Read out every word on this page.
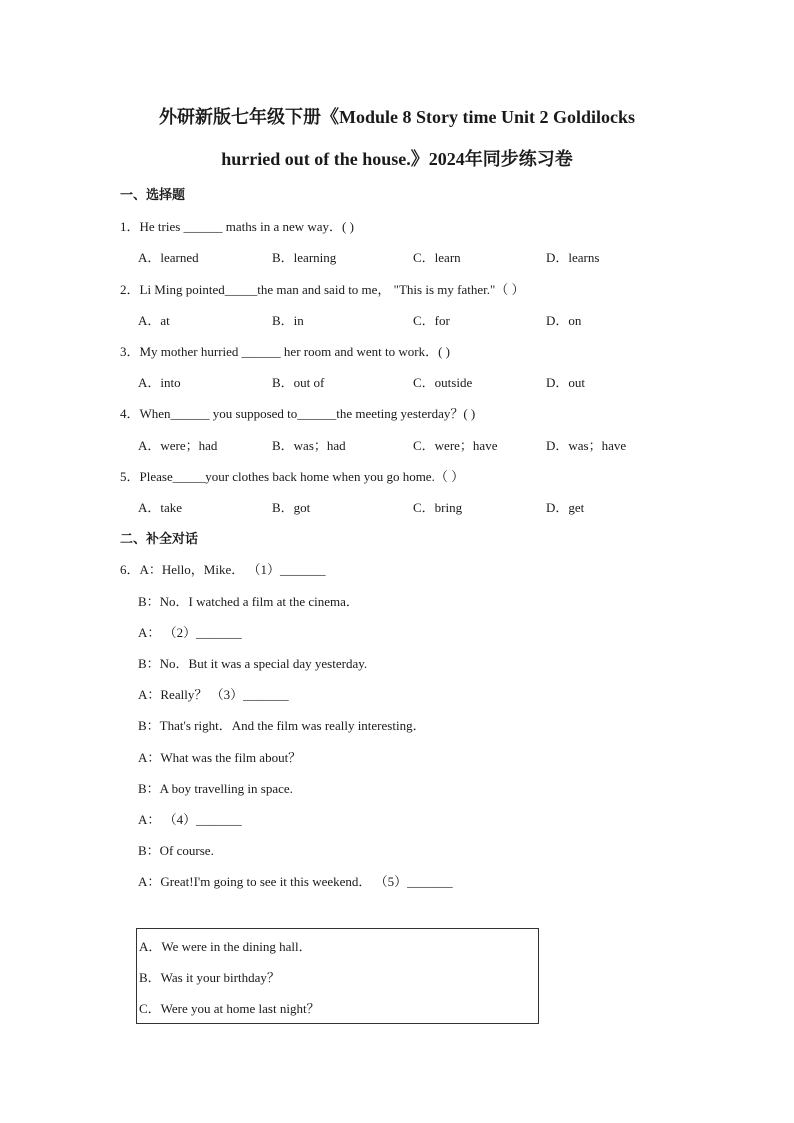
外研新版七年级下册《Module 8 Story time Unit 2 Goldilocks
hurried out of the house.》2024年同步练习卷
一、选择题
1．He tries ______ maths in a new way．( )
A．learned	B．learning	C．learn	D．learns
2．Li Ming pointed_____the man and said to me， "This is my father."（ ）
A．at	B．in	C．for	D．on
3．My mother hurried ______ her room and went to work．( )
A．into	B．out of	C．outside	D．out
4．When______ you supposed to______the meeting yesterday？( )
A．were；had	B．was；had	C．were；have	D．was；have
5．Please_____your clothes back home when you go home.（ ）
A．take	B．got	C．bring	D．get
二、补全对话
6．A：Hello，Mike． （1）_______
B：No．I watched a film at the cinema．
A： （2）_______
B：No．But it was a special day yesterday.
A：Really？ （3）_______
B：That's right．And the film was really interesting．
A：What was the film about？
B：A boy travelling in space.
A： （4）_______
B：Of course.
A：Great!I'm going to see it this weekend． （5）_______
A．We were in the dining hall．
B．Was it your birthday？
C．Were you at home last night？
